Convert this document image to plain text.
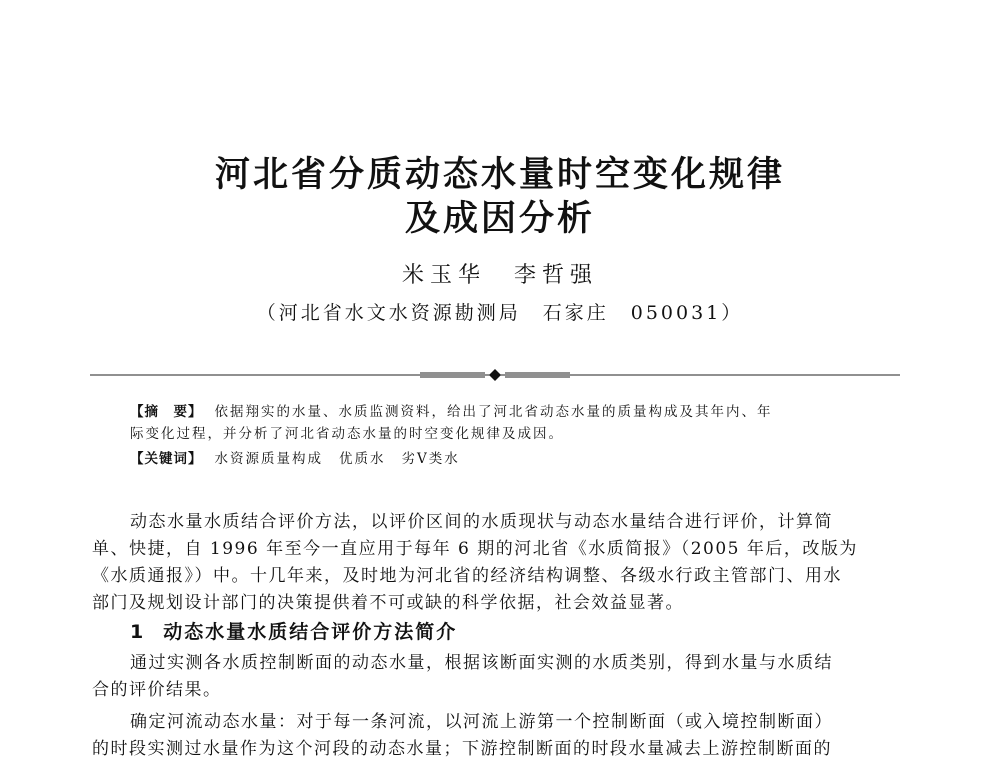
河北省分质动态水量时空变化规律
及成因分析
米玉华 李哲强
（河北省水文水资源勘测局 石家庄 050031）
【摘　要】 依据翔实的水量、水质监测资料，给出了河北省动态水量的质量构成及其年内、年
际变化过程，并分析了河北省动态水量的时空变化规律及成因。
【关键词】 水资源质量构成 优质水 劣Ⅴ类水
动态水量水质结合评价方法，以评价区间的水质现状与动态水量结合进行评价，计算简
单、快捷，自 1996 年至今一直应用于每年 6 期的河北省《水质简报》（2005 年后，改版为
《水质通报》）中。十几年来，及时地为河北省的经济结构调整、各级水行政主管部门、用水
部门及规划设计部门的决策提供着不可或缺的科学依据，社会效益显著。
1 动态水量水质结合评价方法简介
通过实测各水质控制断面的动态水量，根据该断面实测的水质类别，得到水量与水质结
合的评价结果。
确定河流动态水量：对于每一条河流，以河流上游第一个控制断面（或入境控制断面）
的时段实测过水量作为这个河段的动态水量；下游控制断面的时段水量减去上游控制断面的
